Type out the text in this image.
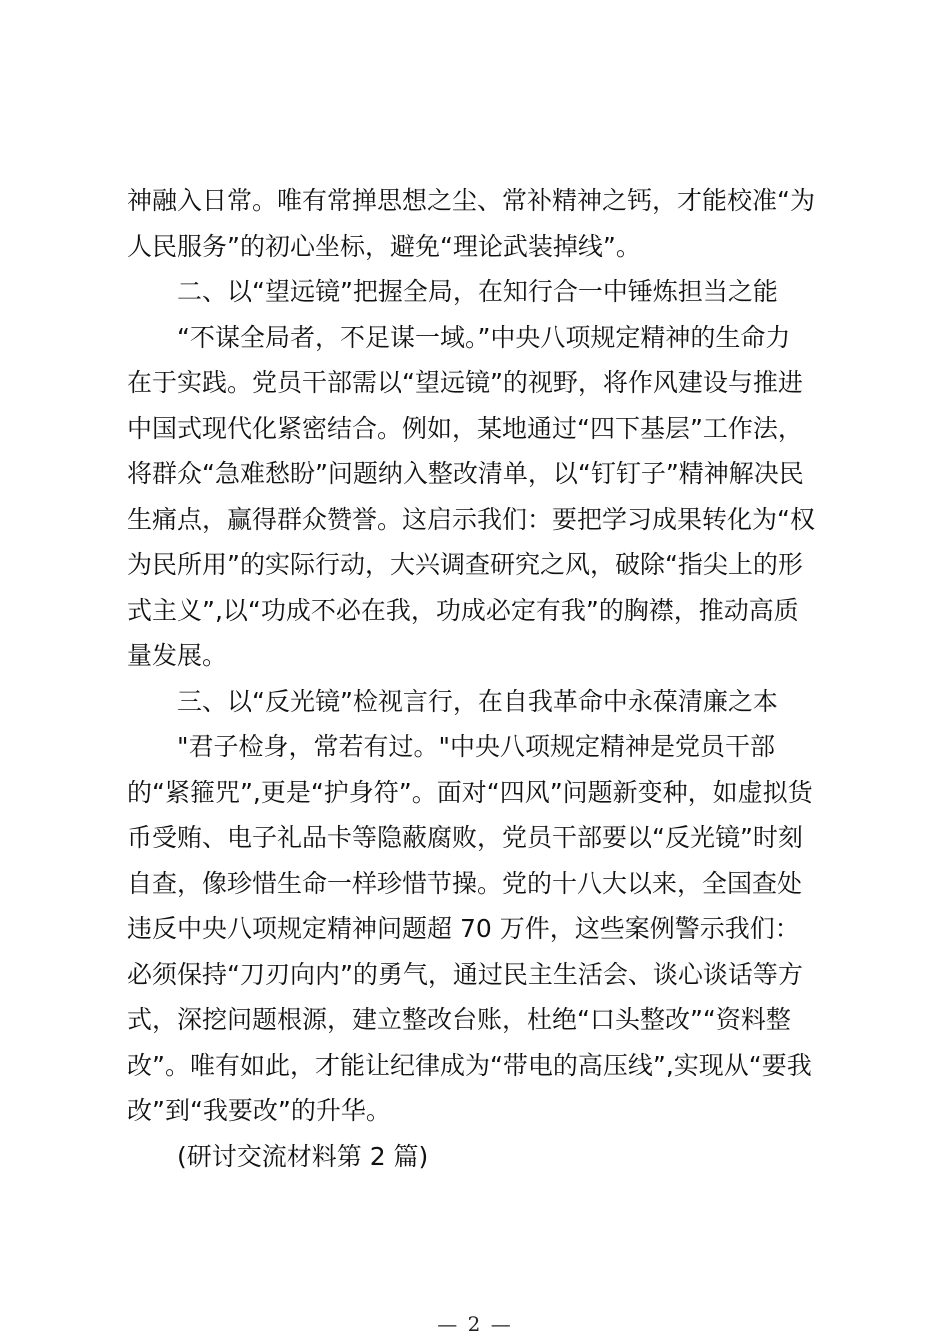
神融入日常。唯有常掸思想之尘、常补精神之钙，才能校准“为
人民服务”的初心坐标，避免“理论武装掉线”。
二、以“望远镜”把握全局，在知行合一中锤炼担当之能
“不谋全局者，不足谋一域。”中央八项规定精神的生命力
在于实践。党员干部需以“望远镜”的视野，将作风建设与推进
中国式现代化紧密结合。例如，某地通过“四下基层”工作法，
将群众“急难愁盼”问题纳入整改清单，以“钉钉子”精神解决民
生痛点，赢得群众赞誉。这启示我们：要把学习成果转化为“权
为民所用”的实际行动，大兴调查研究之风，破除“指尖上的形
式主义”,以“功成不必在我，功成必定有我”的胸襟，推动高质
量发展。
三、以“反光镜”检视言行，在自我革命中永葆清廉之本
"君子检身，常若有过。"中央八项规定精神是党员干部
的“紧箍咒”,更是“护身符”。面对“四风”问题新变种，如虚拟货
币受贿、电子礼品卡等隐蔽腐败，党员干部要以“反光镜”时刻
自查，像珍惜生命一样珍惜节操。党的十八大以来，全国查处
违反中央八项规定精神问题超 70 万件，这些案例警示我们：
必须保持“刀刃向内”的勇气，通过民主生活会、谈心谈话等方
式，深挖问题根源，建立整改台账，杜绝“口头整改”“资料整
改”。唯有如此，才能让纪律成为“带电的高压线”,实现从“要我
改”到“我要改”的升华。
(研讨交流材料第 2 篇)
— 2 —
